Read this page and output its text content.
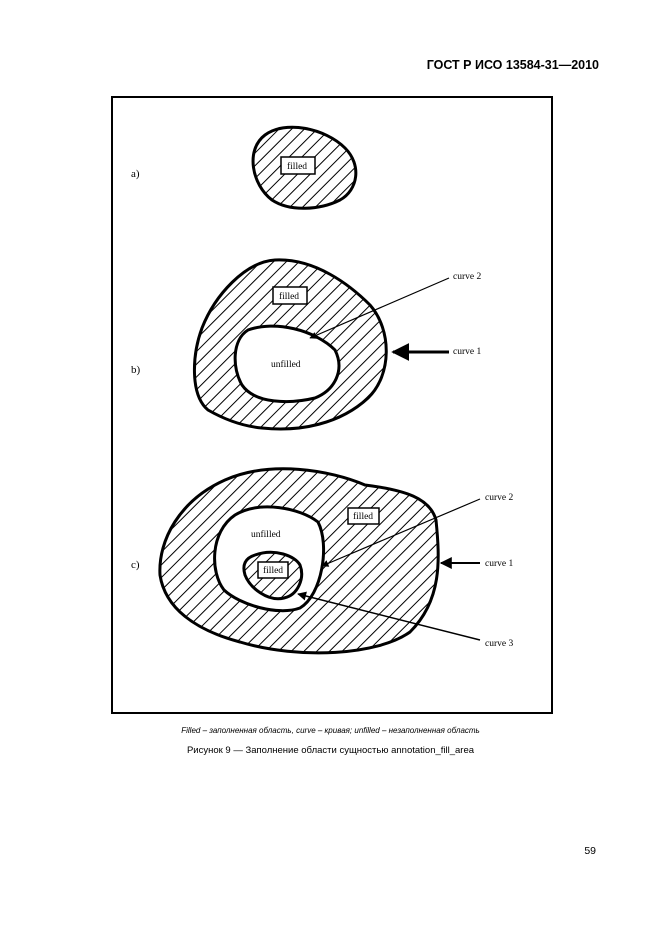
ГОСТ Р ИСО 13584-31—2010
filled
a)
filled
unfilled
curve 2
curve 1
b)
filled
unfilled
filled
curve 2
curve 1
curve 3
c)
Filled – заполненная область, curve – кривая; unfilled – незаполненная область
Рисунок 9 — Заполнение области сущностью annotation_fill_area
59
